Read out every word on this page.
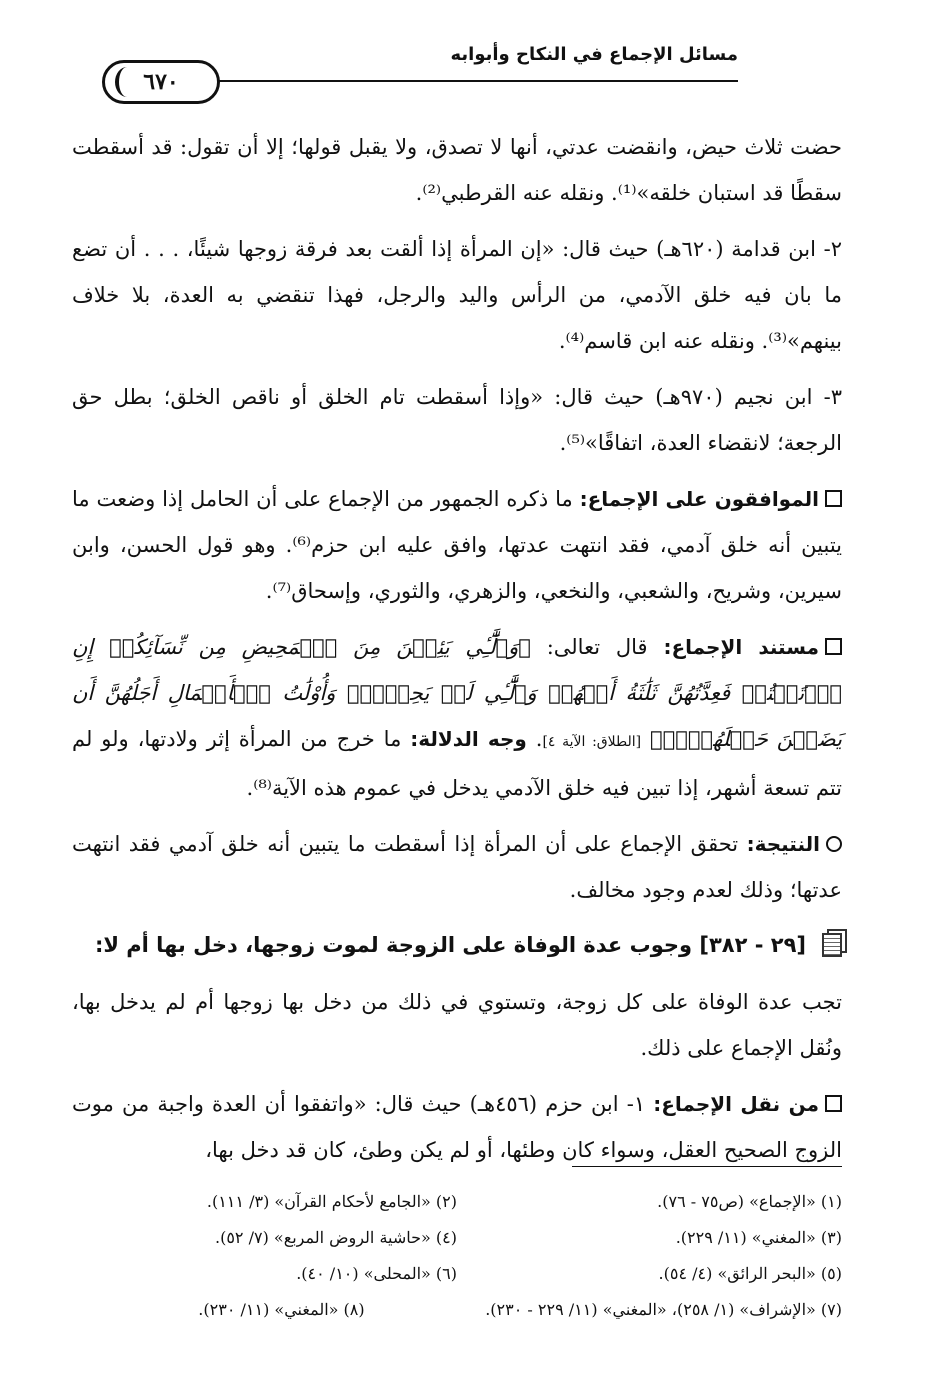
مسائل الإجماع في النكاح وأبوابه
٦٧٠

حضت ثلاث حيض، وانقضت عدتي، أنها لا تصدق، ولا يقبل قولها؛ إلا أن تقول: قد أسقطت سقطًا قد استبان خلقه»⁽¹⁾. ونقله عنه القرطبي⁽²⁾.

٢- ابن قدامة (٦٢٠هـ) حيث قال: «إن المرأة إذا ألقت بعد فرقة زوجها شيئًا، . . . أن تضع ما بان فيه خلق الآدمي، من الرأس واليد والرجل، فهذا تنقضي به العدة، بلا خلاف بينهم»⁽³⁾. ونقله عنه ابن قاسم⁽⁴⁾.

٣- ابن نجيم (٩٧٠هـ) حيث قال: «وإذا أسقطت تام الخلق أو ناقص الخلق؛ بطل حق الرجعة؛ لانقضاء العدة، اتفاقًا»⁽⁵⁾.

الموافقون على الإجماع: ما ذكره الجمهور من الإجماع على أن الحامل إذا وضعت ما يتبين أنه خلق آدمي، فقد انتهت عدتها، وافق عليه ابن حزم⁽⁶⁾. وهو قول الحسن، وابن سيرين، وشريح، والشعبي، والنخعي، والزهري، والثوري، وإسحاق⁽⁷⁾.

مستند الإجماع: قال تعالى: ﴿وَٱلَّٰٓـِٔي يَئِسۡنَ مِنَ ٱلۡمَحِيضِ مِن نِّسَآئِكُمۡ إِنِ ٱرۡتَبۡتُمۡ فَعِدَّتُهُنَّ ثَلَٰثَةُ أَشۡهُرٖ وَٱلَّٰٓـِٔي لَمۡ يَحِضۡنَۚ وَأُوْلَٰتُ ٱلۡأَحۡمَالِ أَجَلُهُنَّ أَن يَضَعۡنَ حَمۡلَهُنَّۚ﴾ [الطلاق: الآية ٤]. وجه الدلالة: ما خرج من المرأة إثر ولادتها، ولو لم تتم تسعة أشهر، إذا تبين فيه خلق الآدمي يدخل في عموم هذه الآية⁽⁸⁾.

النتيجة: تحقق الإجماع على أن المرأة إذا أسقطت ما يتبين أنه خلق آدمي فقد انتهت عدتها؛ وذلك لعدم وجود مخالف.

[٢٩ - ٣٨٢] وجوب عدة الوفاة على الزوجة لموت زوجها، دخل بها أم لا:

تجب عدة الوفاة على كل زوجة، وتستوي في ذلك من دخل بها زوجها أم لم يدخل بها، ونُقل الإجماع على ذلك.

من نقل الإجماع: ١- ابن حزم (٤٥٦هـ) حيث قال: «واتفقوا أن العدة واجبة من موت الزوج الصحيح العقل، وسواء كان وطئها، أو لم يكن وطئ، كان قد دخل بها،

(١) «الإجماع» (ص٧٥ - ٧٦).
(٢) «الجامع لأحكام القرآن» (٣/ ١١١).
(٣) «المغني» (١١/ ٢٢٩).
(٤) «حاشية الروض المربع» (٧/ ٥٢).
(٥) «البحر الرائق» (٤/ ٥٤).
(٦) «المحلى» (١٠/ ٤٠).
(٧) «الإشراف» (١/ ٢٥٨)، «المغني» (١١/ ٢٢٩ - ٢٣٠).
(٨) «المغني» (١١/ ٢٣٠).
